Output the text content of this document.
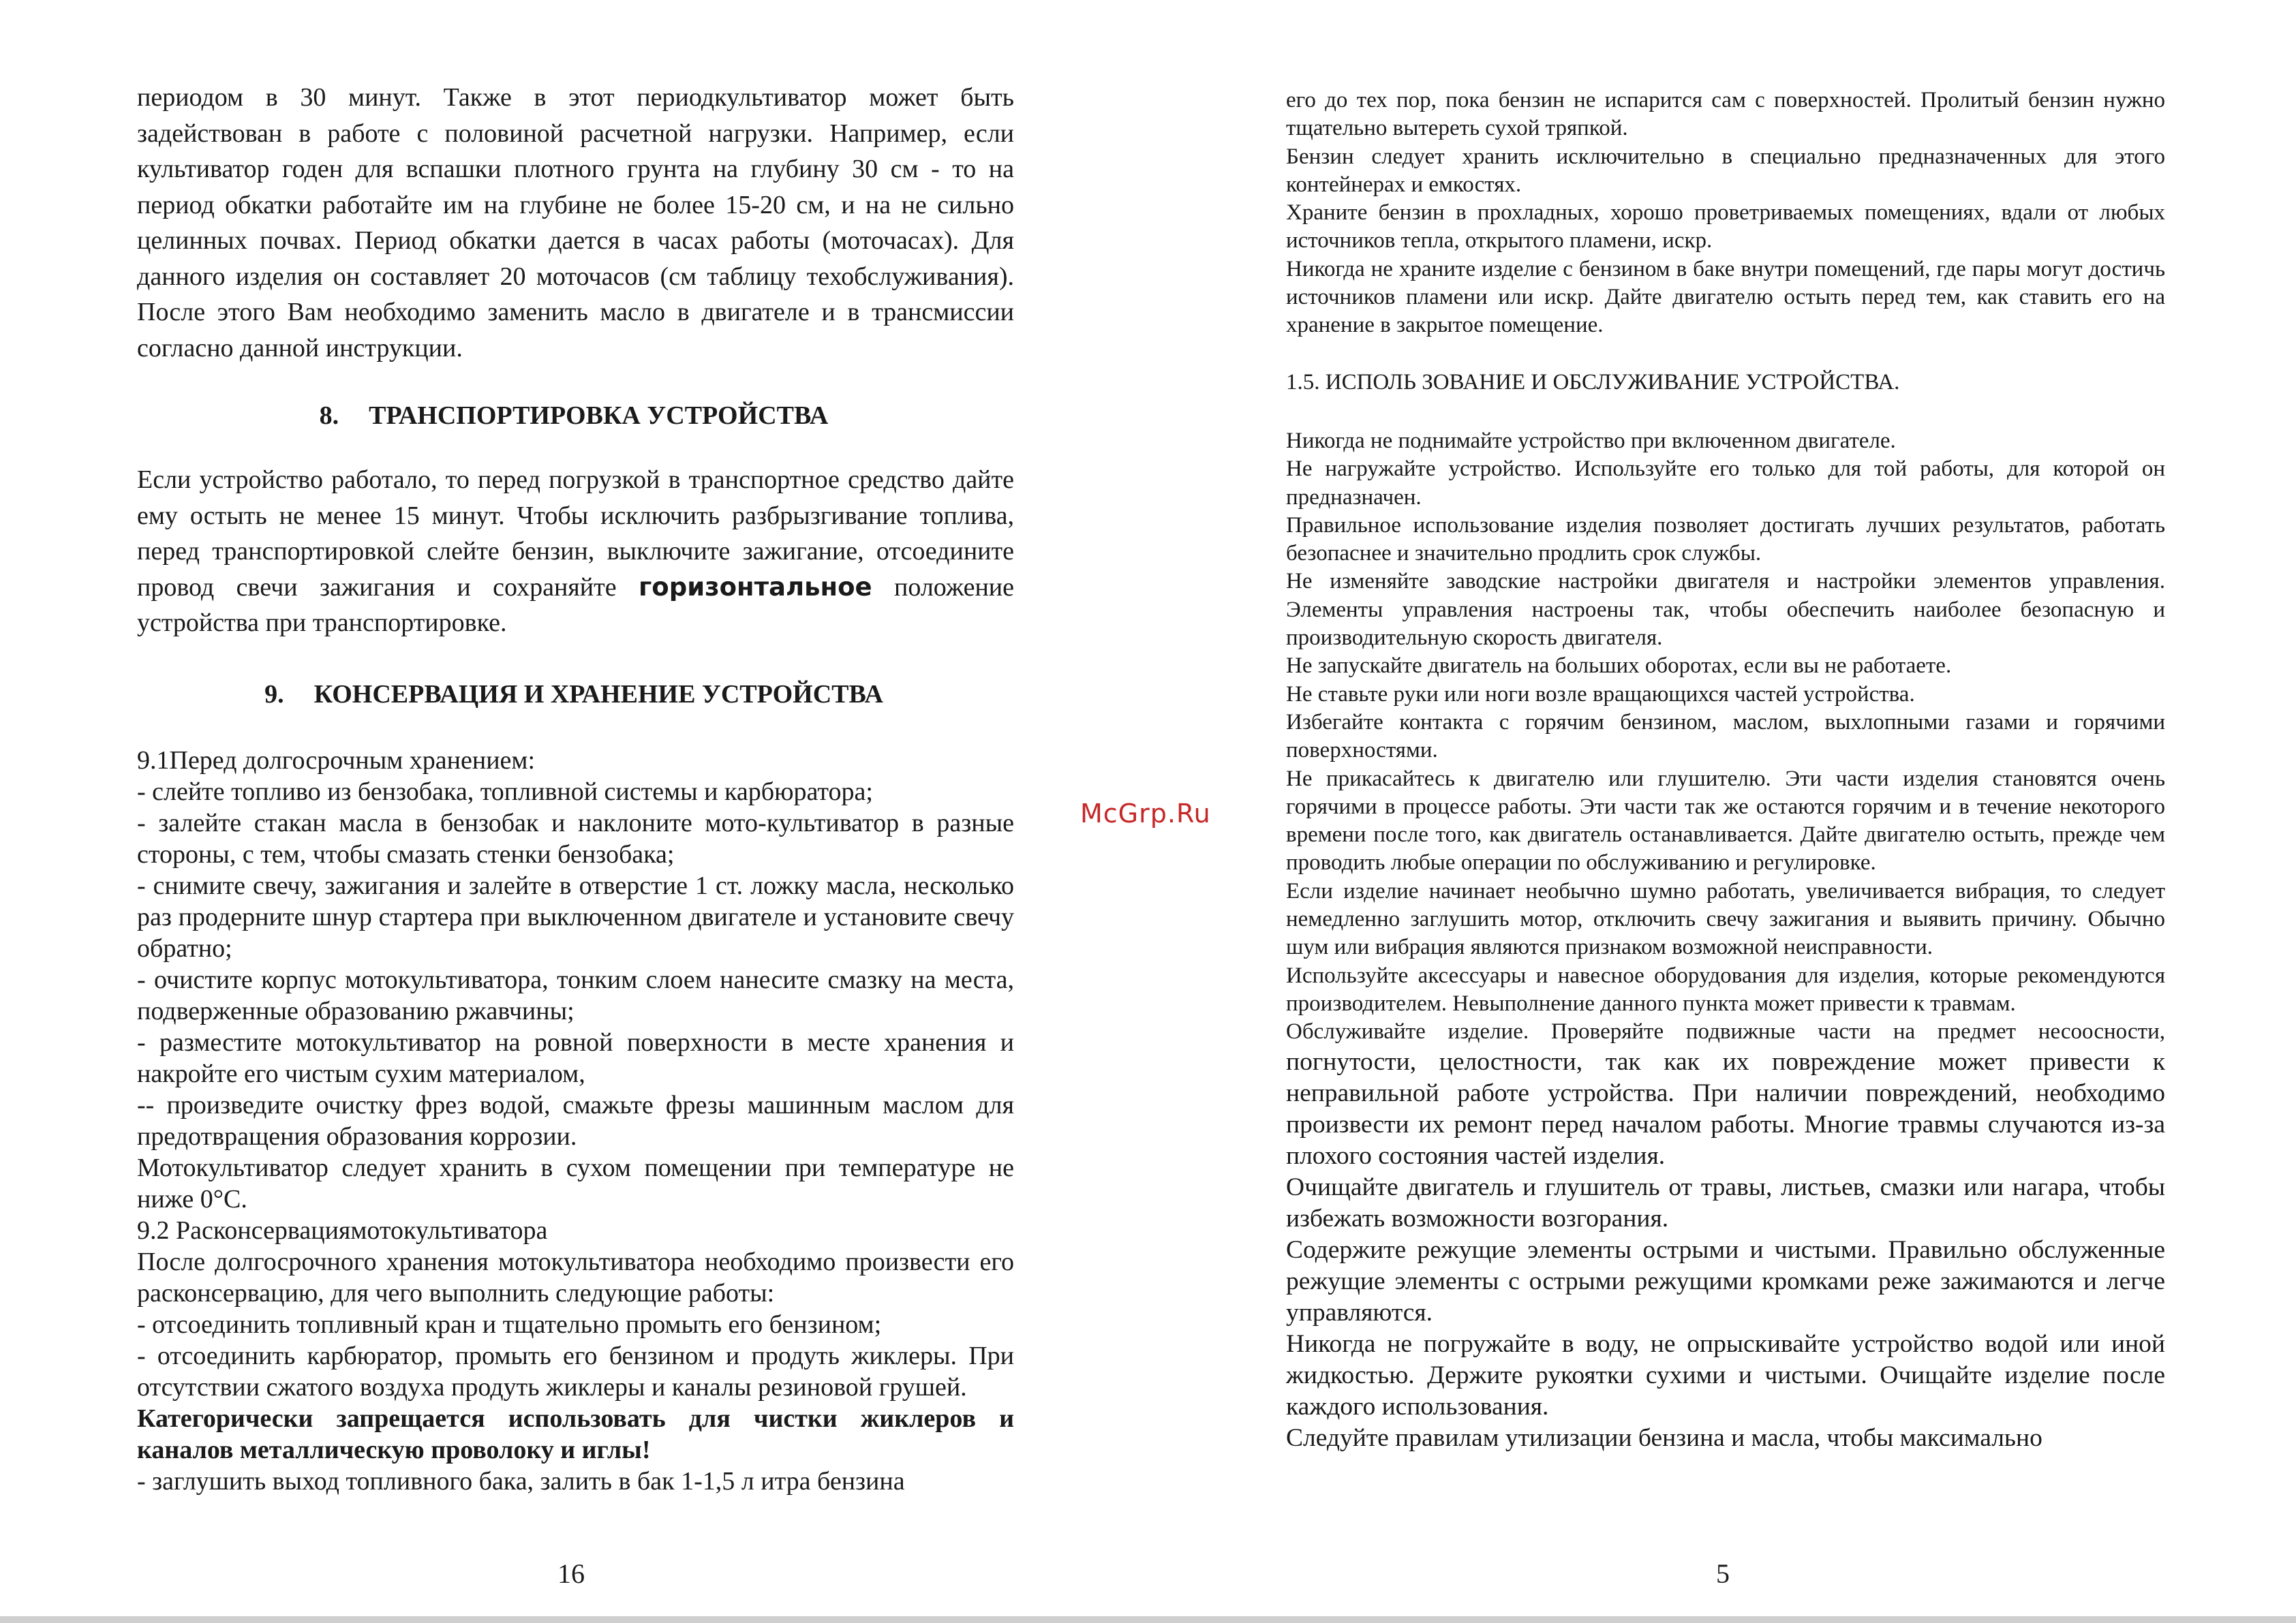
периодом в 30 минут. Также в этот периодкультиватор может быть задействован в работе с половиной расчетной нагрузки. Например, если культиватор годен для вспашки плотного грунта на глубину 30 см - то на период обкатки работайте им на глубине не более 15-20 см, и на не сильно целинных почвах. Период обкатки дается в часах работы (моточасах). Для данного изделия он составляет 20 моточасов (см таблицу техобслуживания). После этого Вам необходимо заменить масло в двигателе и в трансмиссии согласно данной инструкции.

8. ТРАНСПОРТИРОВКА УСТРОЙСТВА

Если устройство работало, то перед погрузкой в транспортное средство дайте ему остыть не менее 15 минут. Чтобы исключить разбрызгивание топлива, перед транспортировкой слейте бензин, выключите зажигание, отсоедините провод свечи зажигания и сохраняйте горизонтальное положение устройства при транспортировке.

9. КОНСЕРВАЦИЯ И ХРАНЕНИЕ УСТРОЙСТВА

9.1Перед долгосрочным хранением:

- слейте топливо из бензобака, топливной системы и карбюратора;

- залейте стакан масла в бензобак и наклоните мото-культиватор в разные стороны, с тем, чтобы смазать стенки бензобака;

- снимите свечу, зажигания и залейте в отверстие 1 ст. ложку масла, несколько раз продерните шнур стартера при выключенном двигателе и установите свечу обратно;

- очистите корпус мотокультиватора, тонким слоем нанесите смазку на места, подверженные образованию ржавчины;

- разместите мотокультиватор на ровной поверхности в месте хранения и накройте его чистым сухим материалом,

-- произведите очистку фрез водой, смажьте фрезы машинным маслом для предотвращения образования коррозии.

Мотокультиватор следует хранить в сухом помещении при температуре не ниже 0°С.

9.2 Расконсервациямотокультиватора

После долгосрочного хранения мотокультиватора необходимо произвести его расконсервацию, для чего выполнить следующие работы:

- отсоединить топливный кран и тщательно промыть его бензином;

- отсоединить карбюратор, промыть его бензином и продуть жиклеры. При отсутствии сжатого воздуха продуть жиклеры и каналы резиновой грушей.

Категорически запрещается использовать для чистки жиклеров и каналов металлическую проволоку и иглы!

- заглушить выход топливного бака, залить в бак 1-1,5 л итра бензина

16

его до тех пор, пока бензин не испарится сам с поверхностей. Пролитый бензин нужно тщательно вытереть сухой тряпкой.

Бензин следует хранить исключительно в специально предназначенных для этого контейнерах и емкостях.

Храните бензин в прохладных, хорошо проветриваемых помещениях, вдали от любых источников тепла, открытого пламени, искр.

Никогда не храните изделие с бензином в баке внутри помещений, где пары могут достичь источников пламени или искр. Дайте двигателю остыть перед тем, как ставить его на хранение в закрытое помещение.

1.5. ИСПОЛЬ ЗОВАНИЕ И ОБСЛУЖИВАНИЕ УСТРОЙСТВА.

Никогда не поднимайте устройство при включенном двигателе.

Не нагружайте устройство. Используйте его только для той работы, для которой он предназначен.

Правильное использование изделия позволяет достигать лучших результатов, работать безопаснее и значительно продлить срок службы.

Не изменяйте заводские настройки двигателя и настройки элементов управления. Элементы управления настроены так, чтобы обеспечить наиболее безопасную и производительную скорость двигателя.

Не запускайте двигатель на больших оборотах, если вы не работаете.

Не ставьте руки или ноги возле вращающихся частей устройства.

Избегайте контакта с горячим бензином, маслом, выхлопными газами и горячими поверхностями.

Не прикасайтесь к двигателю или глушителю. Эти части изделия становятся очень горячими в процессе работы. Эти части так же остаются горячим и в течение некоторого времени после того, как двигатель останавливается. Дайте двигателю остыть, прежде чем проводить любые операции по обслуживанию и регулировке.

Если изделие начинает необычно шумно работать, увеличивается вибрация, то следует немедленно заглушить мотор, отключить свечу зажигания и выявить причину. Обычно шум или вибрация являются признаком возможной неисправности.

Используйте аксессуары и навесное оборудования для изделия, которые рекомендуются производителем. Невыполнение данного пункта может привести к травмам.

Обслуживайте изделие. Проверяйте подвижные части на предмет несоосности, погнутости, целостности, так как их повреждение может привести к неправильной работе устройства. При наличии повреждений, необходимо произвести их ремонт перед началом работы. Многие травмы случаются из-за плохого состояния частей изделия.

Очищайте двигатель и глушитель от травы, листьев, смазки или нагара, чтобы избежать возможности возгорания.

Содержите режущие элементы острыми и чистыми. Правильно обслуженные режущие элементы с острыми режущими кромками реже зажимаются и легче управляются.

Никогда не погружайте в воду, не опрыскивайте устройство водой или иной жидкостью. Держите рукоятки сухими и чистыми. Очищайте изделие после каждого использования.

Следуйте правилам утилизации бензина и масла, чтобы максимально

5
McGrp.Ru
